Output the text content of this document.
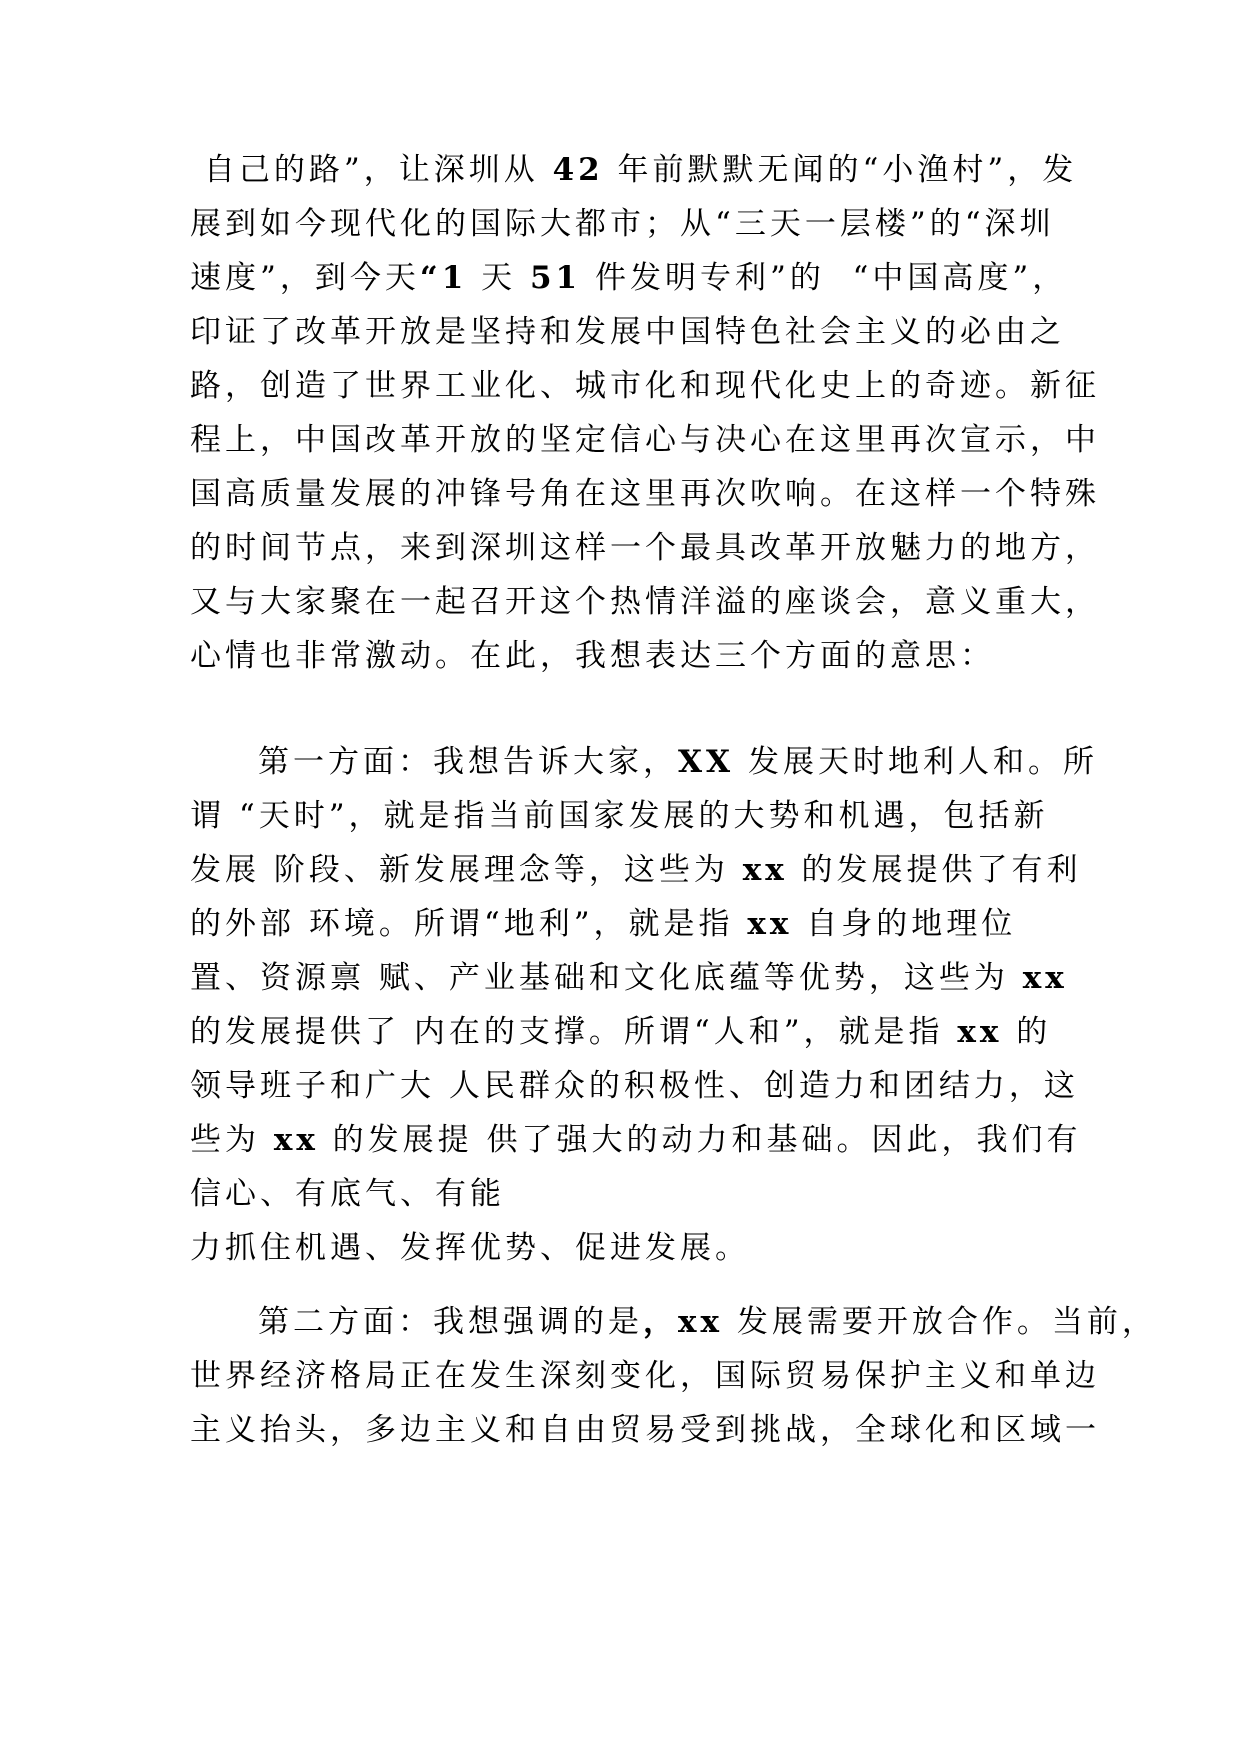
自己的路”，让深圳从 42 年前默默无闻的“小渔村”，发
展到如今现代化的国际大都市；从“三天一层楼”的“深圳
速度”，到今天“1 天 51 件发明专利”的  “中国高度”，
印证了改革开放是坚持和发展中国特色社会主义的必由之
路，创造了世界工业化、城市化和现代化史上的奇迹。新征
程上，中国改革开放的坚定信心与决心在这里再次宣示，中
国高质量发展的冲锋号角在这里再次吹响。在这样一个特殊
的时间节点，来到深圳这样一个最具改革开放魅力的地方，
又与大家聚在一起召开这个热情洋溢的座谈会，意义重大，
心情也非常激动。在此，我想表达三个方面的意思：
第一方面：我想告诉大家，XX 发展天时地利人和。所
谓 “天时”，就是指当前国家发展的大势和机遇，包括新
发展 阶段、新发展理念等，这些为 xx 的发展提供了有利
的外部 环境。所谓“地利”，就是指 xx 自身的地理位
置、资源禀 赋、产业基础和文化底蕴等优势，这些为 xx
的发展提供了 内在的支撑。所谓“人和”，就是指 xx 的
领导班子和广大 人民群众的积极性、创造力和团结力，这
些为 xx 的发展提 供了强大的动力和基础。因此，我们有
信心、有底气、有能
力抓住机遇、发挥优势、促进发展。
第二方面：我想强调的是，xx 发展需要开放合作。当前，
世界经济格局正在发生深刻变化，国际贸易保护主义和单边
主义抬头，多边主义和自由贸易受到挑战，全球化和区域一
